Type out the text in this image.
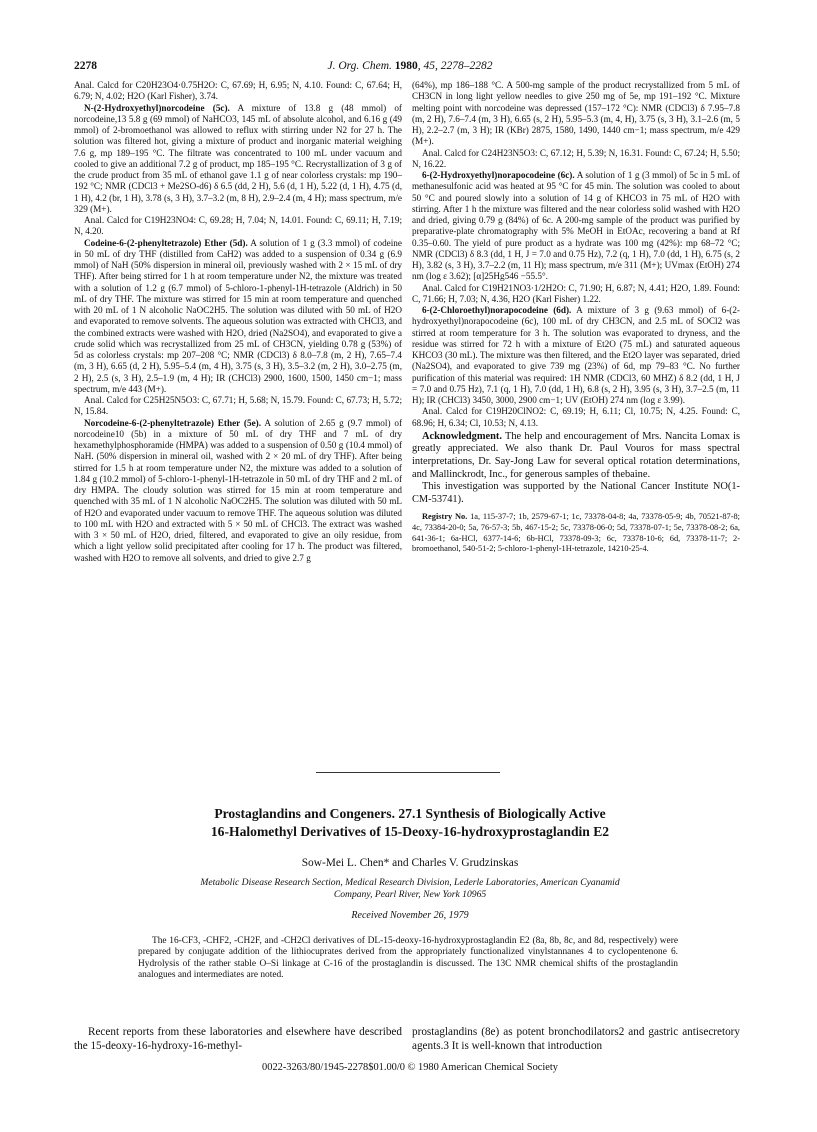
2278	J. Org. Chem. 1980, 45, 2278–2282

Anal. Calcd for C20H23O4·0.75H2O: C, 67.69; H, 6.95; N, 4.10. Found: C, 67.64; H, 6.79; N, 4.02; H2O (Karl Fisher), 3.74.

N-(2-Hydroxyethyl)norcodeine (5c). A mixture of 13.8 g (48 mmol) of norcodeine,13 5.8 g (69 mmol) of NaHCO3, 145 mL of absolute alcohol, and 6.16 g (49 mmol) of 2-bromoethanol was allowed to reflux with stirring under N2 for 27 h. The solution was filtered hot, giving a mixture of product and inorganic material weighing 7.6 g, mp 189–195 °C. The filtrate was concentrated to 100 mL under vacuum and cooled to give an additional 7.2 g of product, mp 185–195 °C. Recrystallization of 3 g of the crude product from 35 mL of ethanol gave 1.1 g of near colorless crystals: mp 190–192 °C; NMR (CDCl3 + Me2SO-d6) δ 6.5 (dd, 2 H), 5.6 (d, 1 H), 5.22 (d, 1 H), 4.75 (d, 1 H), 4.2 (br, 1 H), 3.78 (s, 3 H), 3.7–3.2 (m, 8 H), 2.9–2.4 (m, 4 H); mass spectrum, m/e 329 (M+).

Anal. Calcd for C19H23NO4: C, 69.28; H, 7.04; N, 14.01. Found: C, 69.11; H, 7.19; N, 4.20.

Codeine-6-(2-phenyltetrazole) Ether (5d). A solution of 1 g (3.3 mmol) of codeine in 50 mL of dry THF (distilled from CaH2) was added to a suspension of 0.34 g (6.9 mmol) of NaH (50% dispersion in mineral oil, previously washed with 2 × 15 mL of dry THF). After being stirred for 1 h at room temperature under N2, the mixture was treated with a solution of 1.2 g (6.7 mmol) of 5-chloro-1-phenyl-1H-tetrazole (Aldrich) in 50 mL of dry THF. The mixture was stirred for 15 min at room temperature and quenched with 20 mL of 1 N alcoholic NaOC2H5. The solution was diluted with 50 mL of H2O and evaporated to remove solvents. The aqueous solution was extracted with CHCl3, and the combined extracts were washed with H2O, dried (Na2SO4), and evaporated to give a crude solid which was recrystallized from 25 mL of CH3CN, yielding 0.78 g (53%) of 5d as colorless crystals: mp 207–208 °C; NMR (CDCl3) δ 8.0–7.8 (m, 2 H), 7.65–7.4 (m, 3 H), 6.65 (d, 2 H), 5.95–5.4 (m, 4 H), 3.75 (s, 3 H), 3.5–3.2 (m, 2 H), 3.0–2.75 (m, 2 H), 2.5 (s, 3 H), 2.5–1.9 (m, 4 H); IR (CHCl3) 2900, 1600, 1500, 1450 cm−1; mass spectrum, m/e 443 (M+).

Anal. Calcd for C25H25N5O3: C, 67.71; H, 5.68; N, 15.79. Found: C, 67.73; H, 5.72; N, 15.84.

Norcodeine-6-(2-phenyltetrazole) Ether (5e). A solution of 2.65 g (9.7 mmol) of norcodeine10 (5b) in a mixture of 50 mL of dry THF and 7 mL of dry hexamethylphosphoramide (HMPA) was added to a suspension of 0.50 g (10.4 mmol) of NaH. (50% dispersion in mineral oil, washed with 2 × 20 mL of dry THF). After being stirred for 1.5 h at room temperature under N2, the mixture was added to a solution of 1.84 g (10.2 mmol) of 5-chloro-1-phenyl-1H-tetrazole in 50 mL of dry THF and 2 mL of dry HMPA. The cloudy solution was stirred for 15 min at room temperature and quenched with 35 mL of 1 N alcoholic NaOC2H5. The solution was diluted with 50 mL of H2O and evaporated under vacuum to remove THF. The aqueous solution was diluted to 100 mL with H2O and extracted with 5 × 50 mL of CHCl3. The extract was washed with 3 × 50 mL of H2O, dried, filtered, and evaporated to give an oily residue, from which a light yellow solid precipitated after cooling for 17 h. The product was filtered, washed with H2O to remove all solvents, and dried to give 2.7 g

(64%), mp 186–188 °C. A 500-mg sample of the product recrystallized from 5 mL of CH3CN in long light yellow needles to give 250 mg of 5e, mp 191–192 °C. Mixture melting point with norcodeine was depressed (157–172 °C): NMR (CDCl3) δ 7.95–7.8 (m, 2 H), 7.6–7.4 (m, 3 H), 6.65 (s, 2 H), 5.95–5.3 (m, 4, H), 3.75 (s, 3 H), 3.1–2.6 (m, 5 H), 2.2–2.7 (m, 3 H); IR (KBr) 2875, 1580, 1490, 1440 cm−1; mass spectrum, m/e 429 (M+).

Anal. Calcd for C24H23N5O3: C, 67.12; H, 5.39; N, 16.31. Found: C, 67.24; H, 5.50; N, 16.22.

6-(2-Hydroxyethyl)norapocodeine (6c). A solution of 1 g (3 mmol) of 5c in 5 mL of methanesulfonic acid was heated at 95 °C for 45 min. The solution was cooled to about 50 °C and poured slowly into a solution of 14 g of KHCO3 in 75 mL of H2O with stirring. After 1 h the mixture was filtered and the near colorless solid washed with H2O and dried, giving 0.79 g (84%) of 6c. A 200-mg sample of the product was purified by preparative-plate chromatography with 5% MeOH in EtOAc, recovering a band at Rf 0.35–0.60. The yield of pure product as a hydrate was 100 mg (42%): mp 68–72 °C; NMR (CDCl3) δ 8.3 (dd, 1 H, J = 7.0 and 0.75 Hz), 7.2 (q, 1 H), 7.0 (dd, 1 H), 6.75 (s, 2 H), 3.82 (s, 3 H), 3.7–2.2 (m, 11 H); mass spectrum, m/e 311 (M+); UVmax (EtOH) 274 nm (log ε 3.62); [α]25Hg546 −55.5°.

Anal. Calcd for C19H21NO3·1/2H2O: C, 71.90; H, 6.87; N, 4.41; H2O, 1.89. Found: C, 71.66; H, 7.03; N, 4.36, H2O (Karl Fisher) 1.22.

6-(2-Chloroethyl)norapocodeine (6d). A mixture of 3 g (9.63 mmol) of 6-(2-hydroxyethyl)norapocodeine (6c), 100 mL of dry CH3CN, and 2.5 mL of SOCl2 was stirred at room temperature for 3 h. The solution was evaporated to dryness, and the residue was stirred for 72 h with a mixture of Et2O (75 mL) and saturated aqueous KHCO3 (30 mL). The mixture was then filtered, and the Et2O layer was separated, dried (Na2SO4), and evaporated to give 739 mg (23%) of 6d, mp 79–83 °C. No further purification of this material was required: 1H NMR (CDCl3, 60 MHZ) δ 8.2 (dd, 1 H, J = 7.0 and 0.75 Hz), 7.1 (q, 1 H), 7.0 (dd, 1 H), 6.8 (s, 2 H), 3.95 (s, 3 H), 3.7–2.5 (m, 11 H); IR (CHCl3) 3450, 3000, 2900 cm−1; UV (EtOH) 274 nm (log ε 3.99).

Anal. Calcd for C19H20ClNO2: C, 69.19; H, 6.11; Cl, 10.75; N, 4.25. Found: C, 68.96; H, 6.34; Cl, 10.53; N, 4.13.

Acknowledgment. The help and encouragement of Mrs. Nancita Lomax is greatly appreciated. We also thank Dr. Paul Vouros for mass spectral interpretations, Dr. Say-Jong Law for several optical rotation determinations, and Mallinckrodt, Inc., for generous samples of thebaine.

This investigation was supported by the National Cancer Institute NO(1-CM-53741).

Registry No. 1a, 115-37-7; 1b, 2579-67-1; 1c, 73378-04-8; 4a, 73378-05-9; 4b, 70521-87-8; 4c, 73384-20-0; 5a, 76-57-3; 5b, 467-15-2; 5c, 73378-06-0; 5d, 73378-07-1; 5e, 73378-08-2; 6a, 641-36-1; 6a-HCl, 6377-14-6; 6b-HCl, 73378-09-3; 6c, 73378-10-6; 6d, 73378-11-7; 2-bromoethanol, 540-51-2; 5-chloro-1-phenyl-1H-tetrazole, 14210-25-4.

Prostaglandins and Congeners. 27.1 Synthesis of Biologically Active
16-Halomethyl Derivatives of 15-Deoxy-16-hydroxyprostaglandin E2
Sow-Mei L. Chen* and Charles V. Grudzinskas
Metabolic Disease Research Section, Medical Research Division, Lederle Laboratories, American Cyanamid
Company, Pearl River, New York 10965
Received November 26, 1979
The 16-CF3, -CHF2, -CH2F, and -CH2Cl derivatives of DL-15-deoxy-16-hydroxyprostaglandin E2 (8a, 8b, 8c, and 8d, respectively) were prepared by conjugate addition of the lithiocuprates derived from the appropriately functionalized vinylstannanes 4 to cyclopentenone 6. Hydrolysis of the rather stable O–Si linkage at C-16 of the prostaglandin is discussed. The 13C NMR chemical shifts of the prostaglandin analogues and intermediates are noted.
Recent reports from these laboratories and elsewhere have described the 15-deoxy-16-hydroxy-16-methyl-
prostaglandins (8e) as potent bronchodilators2 and gastric antisecretory agents.3 It is well-known that introduction
0022-3263/80/1945-2278$01.00/0 © 1980 American Chemical Society
